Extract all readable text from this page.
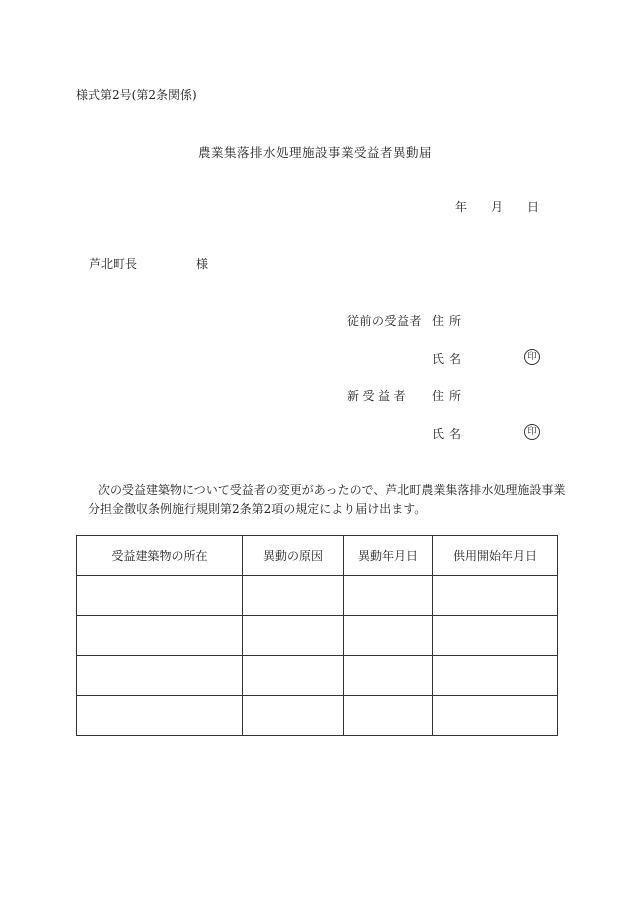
様式第2号(第2条関係)
農業集落排水処理施設事業受益者異動届
年 月 日
芦北町長	様
従前の受益者 住所
氏名	印
新受益者 住所
氏名	印
次の受益建築物について受益者の変更があったので、芦北町農業集落排水処理施設事業分担金徴収条例施行規則第2条第2項の規定により届け出ます。
受益建築物の所在	異動の原因	異動年月日	供用開始年月日
